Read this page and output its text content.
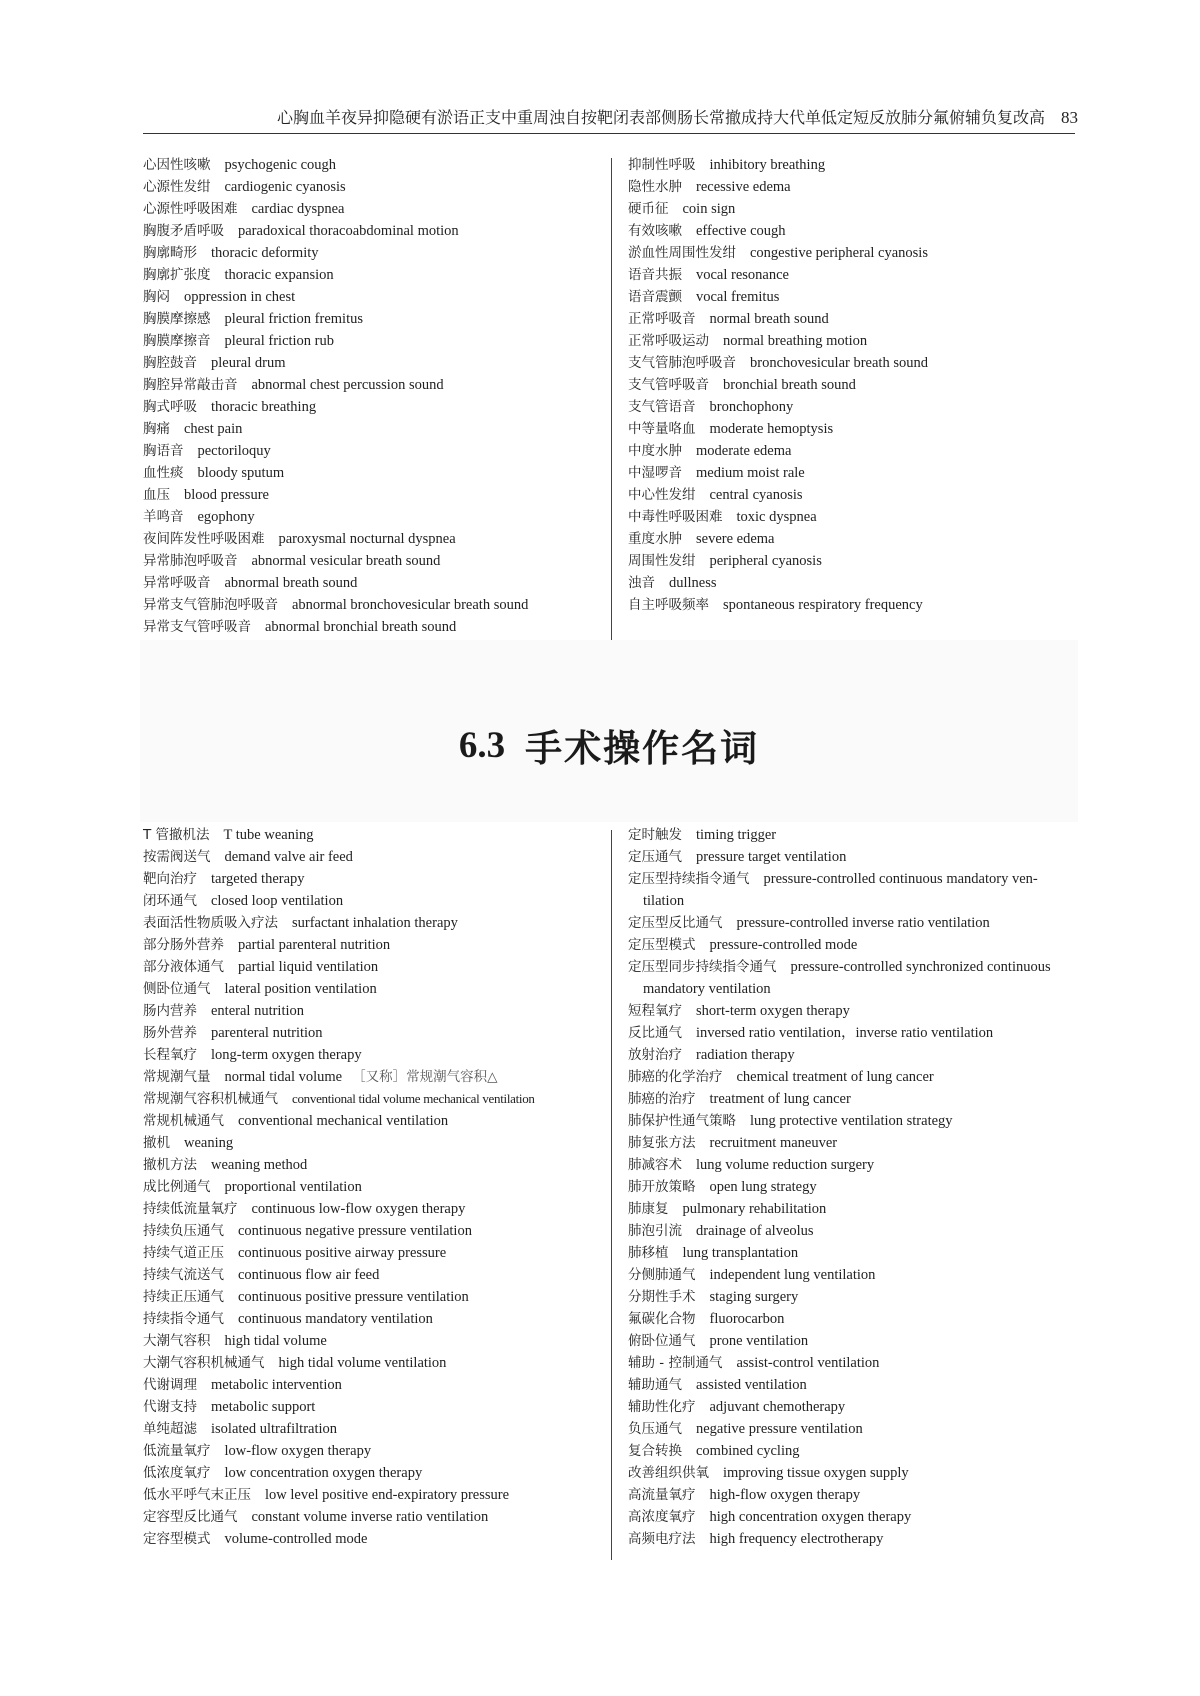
心胸血羊夜异抑隐硬有淤语正支中重周浊自按靶闭表部侧肠长常撤成持大代单低定短反放肺分氟俯辅负复改高 83
心因性咳嗽 psychogenic cough
心源性发绀 cardiogenic cyanosis
心源性呼吸困难 cardiac dyspnea
胸腹矛盾呼吸 paradoxical thoracoabdominal motion
胸廓畸形 thoracic deformity
胸廓扩张度 thoracic expansion
胸闷 oppression in chest
胸膜摩擦感 pleural friction fremitus
胸膜摩擦音 pleural friction rub
胸腔鼓音 pleural drum
胸腔异常敲击音 abnormal chest percussion sound
胸式呼吸 thoracic breathing
胸痛 chest pain
胸语音 pectoriloquy
血性痰 bloody sputum
血压 blood pressure
羊鸣音 egophony
夜间阵发性呼吸困难 paroxysmal nocturnal dyspnea
异常肺泡呼吸音 abnormal vesicular breath sound
异常呼吸音 abnormal breath sound
异常支气管肺泡呼吸音 abnormal bronchovesicular breath sound
异常支气管呼吸音 abnormal bronchial breath sound
抑制性呼吸 inhibitory breathing
隐性水肿 recessive edema
硬币征 coin sign
有效咳嗽 effective cough
淤血性周围性发绀 congestive peripheral cyanosis
语音共振 vocal resonance
语音震颤 vocal fremitus
正常呼吸音 normal breath sound
正常呼吸运动 normal breathing motion
支气管肺泡呼吸音 bronchovesicular breath sound
支气管呼吸音 bronchial breath sound
支气管语音 bronchophony
中等量咯血 moderate hemoptysis
中度水肿 moderate edema
中湿啰音 medium moist rale
中心性发绀 central cyanosis
中毒性呼吸困难 toxic dyspnea
重度水肿 severe edema
周围性发绀 peripheral cyanosis
浊音 dullness
自主呼吸频率 spontaneous respiratory frequency
6.3 手术操作名词
T 管撤机法 T tube weaning
按需阀送气 demand valve air feed
靶向治疗 targeted therapy
闭环通气 closed loop ventilation
表面活性物质吸入疗法 surfactant inhalation therapy
部分肠外营养 partial parenteral nutrition
部分液体通气 partial liquid ventilation
侧卧位通气 lateral position ventilation
肠内营养 enteral nutrition
肠外营养 parenteral nutrition
长程氧疗 long-term oxygen therapy
常规潮气量 normal tidal volume ［又称］常规潮气容积△
常规潮气容积机械通气 conventional tidal volume mechanical ventilation
常规机械通气 conventional mechanical ventilation
撤机 weaning
撤机方法 weaning method
成比例通气 proportional ventilation
持续低流量氧疗 continuous low-flow oxygen therapy
持续负压通气 continuous negative pressure ventilation
持续气道正压 continuous positive airway pressure
持续气流送气 continuous flow air feed
持续正压通气 continuous positive pressure ventilation
持续指令通气 continuous mandatory ventilation
大潮气容积 high tidal volume
大潮气容积机械通气 high tidal volume ventilation
代谢调理 metabolic intervention
代谢支持 metabolic support
单纯超滤 isolated ultrafiltration
低流量氧疗 low-flow oxygen therapy
低浓度氧疗 low concentration oxygen therapy
低水平呼气末正压 low level positive end-expiratory pressure
定容型反比通气 constant volume inverse ratio ventilation
定容型模式 volume-controlled mode
定时触发 timing trigger
定压通气 pressure target ventilation
定压型持续指令通气 pressure-controlled continuous mandatory ven-
tilation
定压型反比通气 pressure-controlled inverse ratio ventilation
定压型模式 pressure-controlled mode
定压型同步持续指令通气 pressure-controlled synchronized continuous
mandatory ventilation
短程氧疗 short-term oxygen therapy
反比通气 inversed ratio ventilation，inverse ratio ventilation
放射治疗 radiation therapy
肺癌的化学治疗 chemical treatment of lung cancer
肺癌的治疗 treatment of lung cancer
肺保护性通气策略 lung protective ventilation strategy
肺复张方法 recruitment maneuver
肺减容术 lung volume reduction surgery
肺开放策略 open lung strategy
肺康复 pulmonary rehabilitation
肺泡引流 drainage of alveolus
肺移植 lung transplantation
分侧肺通气 independent lung ventilation
分期性手术 staging surgery
氟碳化合物 fluorocarbon
俯卧位通气 prone ventilation
辅助 - 控制通气 assist-control ventilation
辅助通气 assisted ventilation
辅助性化疗 adjuvant chemotherapy
负压通气 negative pressure ventilation
复合转换 combined cycling
改善组织供氧 improving tissue oxygen supply
高流量氧疗 high-flow oxygen therapy
高浓度氧疗 high concentration oxygen therapy
高频电疗法 high frequency electrotherapy
